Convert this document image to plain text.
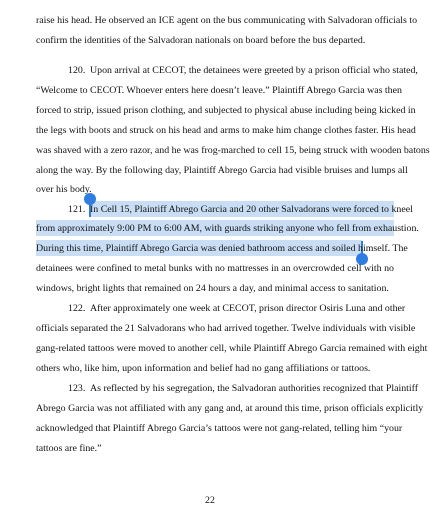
raise his head. He observed an ICE agent on the bus communicating with Salvadoran officials to
confirm the identities of the Salvadoran nationals on board before the bus departed.
120. Upon arrival at CECOT, the detainees were greeted by a prison official who stated,
“Welcome to CECOT. Whoever enters here doesn’t leave.” Plaintiff Abrego Garcia was then
forced to strip, issued prison clothing, and subjected to physical abuse including being kicked in
the legs with boots and struck on his head and arms to make him change clothes faster. His head
was shaved with a zero razor, and he was frog-marched to cell 15, being struck with wooden batons
along the way. By the following day, Plaintiff Abrego Garcia had visible bruises and lumps all
over his body.
121. In Cell 15, Plaintiff Abrego Garcia and 20 other Salvadorans were forced to kneel
from approximately 9:00 PM to 6:00 AM, with guards striking anyone who fell from exhaustion.
During this time, Plaintiff Abrego Garcia was denied bathroom access and soiled himself. The
detainees were confined to metal bunks with no mattresses in an overcrowded cell with no
windows, bright lights that remained on 24 hours a day, and minimal access to sanitation.
122. After approximately one week at CECOT, prison director Osiris Luna and other
officials separated the 21 Salvadorans who had arrived together. Twelve individuals with visible
gang-related tattoos were moved to another cell, while Plaintiff Abrego Garcia remained with eight
others who, like him, upon information and belief had no gang affiliations or tattoos.
123. As reflected by his segregation, the Salvadoran authorities recognized that Plaintiff
Abrego Garcia was not affiliated with any gang and, at around this time, prison officials explicitly
acknowledged that Plaintiff Abrego Garcia’s tattoos were not gang-related, telling him “your
tattoos are fine.”
22
